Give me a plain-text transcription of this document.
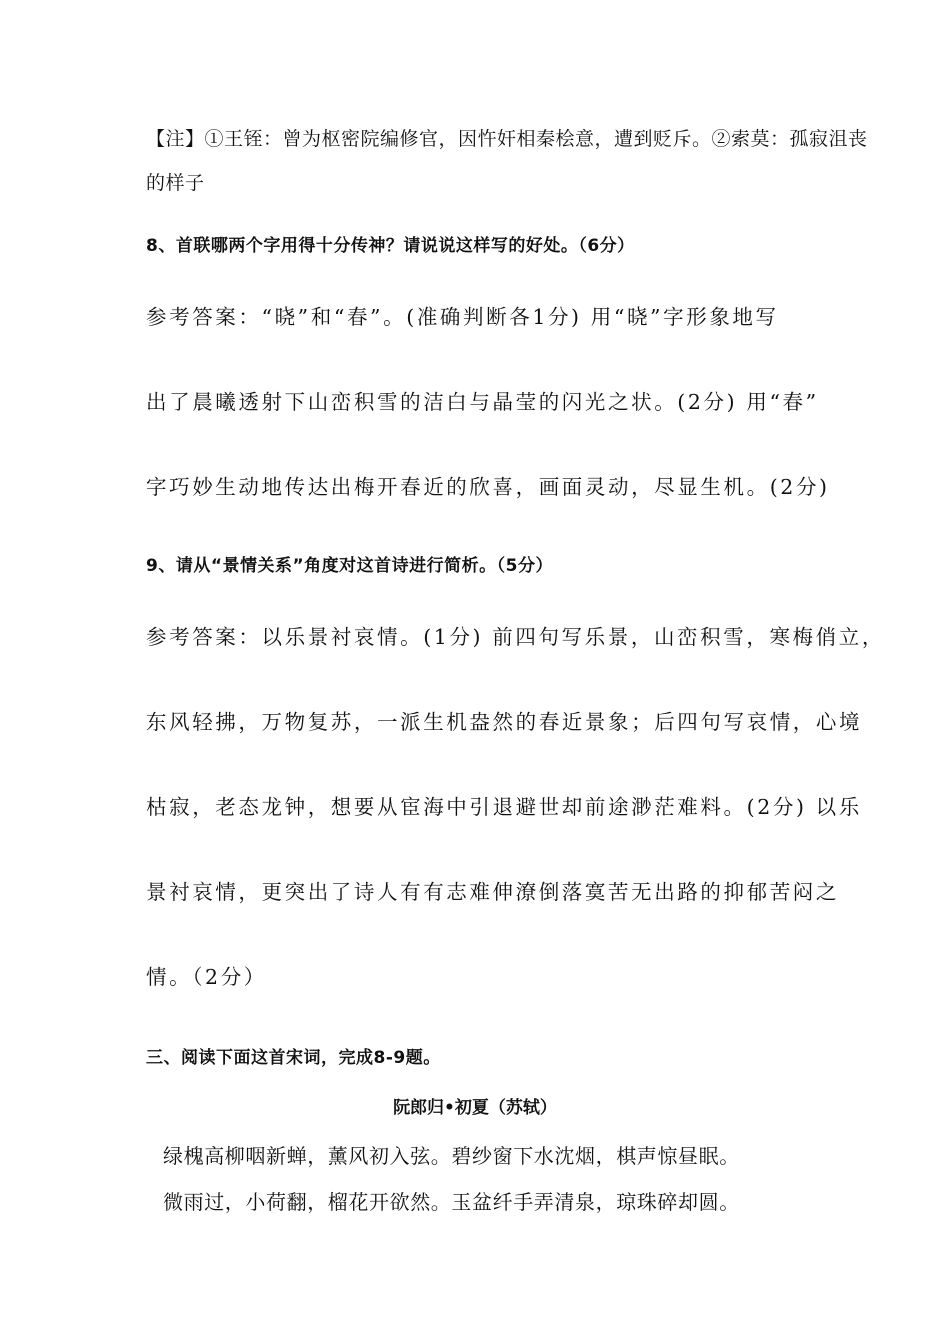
【注】①王铚：曾为枢密院编修官，因忤奸相秦桧意，遭到贬斥。②索莫：孤寂沮丧
的样子
8、首联哪两个字用得十分传神？请说说这样写的好处。（6分）
参考答案：“晓”和“春”。(准确判断各1分) 用“晓”字形象地写
出了晨曦透射下山峦积雪的洁白与晶莹的闪光之状。(2分) 用“春”
字巧妙生动地传达出梅开春近的欣喜，画面灵动，尽显生机。(2分)
9、请从“景情关系”角度对这首诗进行简析。（5分）
参考答案：以乐景衬哀情。(1分) 前四句写乐景，山峦积雪，寒梅俏立，
东风轻拂，万物复苏，一派生机盎然的春近景象；后四句写哀情，心境
枯寂，老态龙钟，想要从宦海中引退避世却前途渺茫难料。(2分) 以乐
景衬哀情，更突出了诗人有有志难伸潦倒落寞苦无出路的抑郁苦闷之
情。（2分）
三、阅读下面这首宋词，完成8-9题。
阮郎归•初夏（苏轼）
绿槐高柳咽新蝉，薰风初入弦。碧纱窗下水沈烟，棋声惊昼眠。
微雨过，小荷翻，榴花开欲然。玉盆纤手弄清泉，琼珠碎却圆。
